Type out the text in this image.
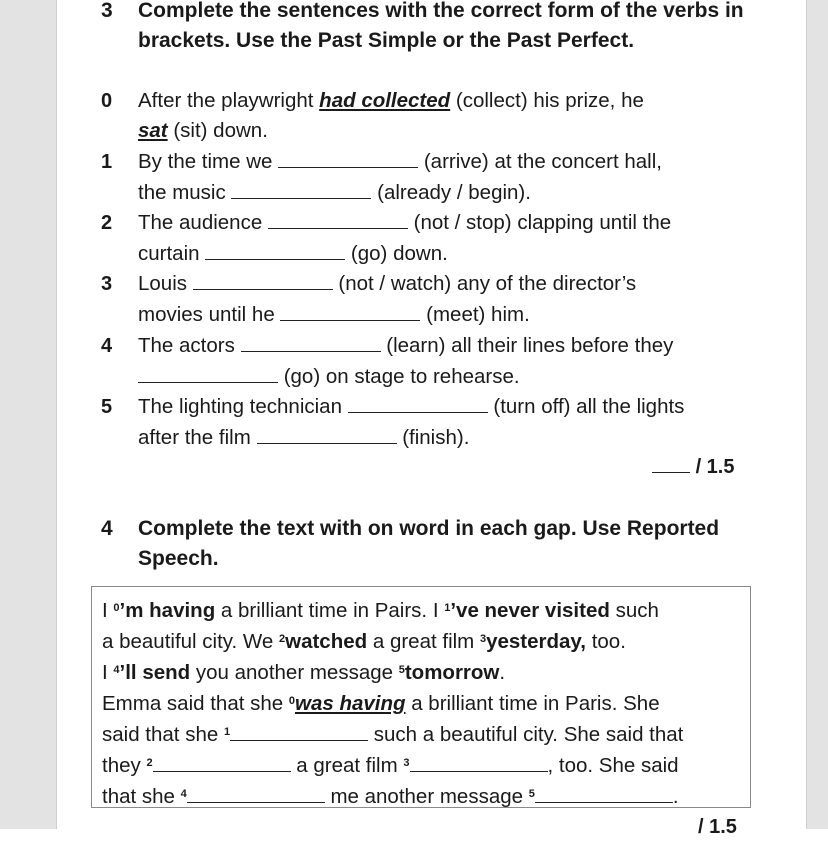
3 Complete the sentences with the correct form of the verbs in brackets. Use the Past Simple or the Past Perfect.
0 After the playwright had collected (collect) his prize, he
sat (sit) down.
1 By the time we	(arrive) at the concert hall,
the music	(already / begin).
2 The audience	(not / stop) clapping until the
curtain	(go) down.
3 Louis	(not / watch) any of the director’s
movies until he	(meet) him.
4 The actors	(learn) all their lines before they
(go) on stage to rehearse.
5 The lighting technician	(turn off) all the lights
after the film	(finish).
/ 1.5
4 Complete the text with on word in each gap. Use Reported Speech.
I $^0$’m having a brilliant time in Pairs. I $^1$’ve never visited such
a beautiful city. We $^2$watched a great film $^3$yesterday, too.
I $^4$’ll send you another message $^5$tomorrow.
Emma said that she $^0$was having a brilliant time in Paris. She
said that she $^1$	such a beautiful city. She said that
they $^2$	a great film $^3$	, too. She said
that she $^4$	me another message $^5$	.
/ 1.5
